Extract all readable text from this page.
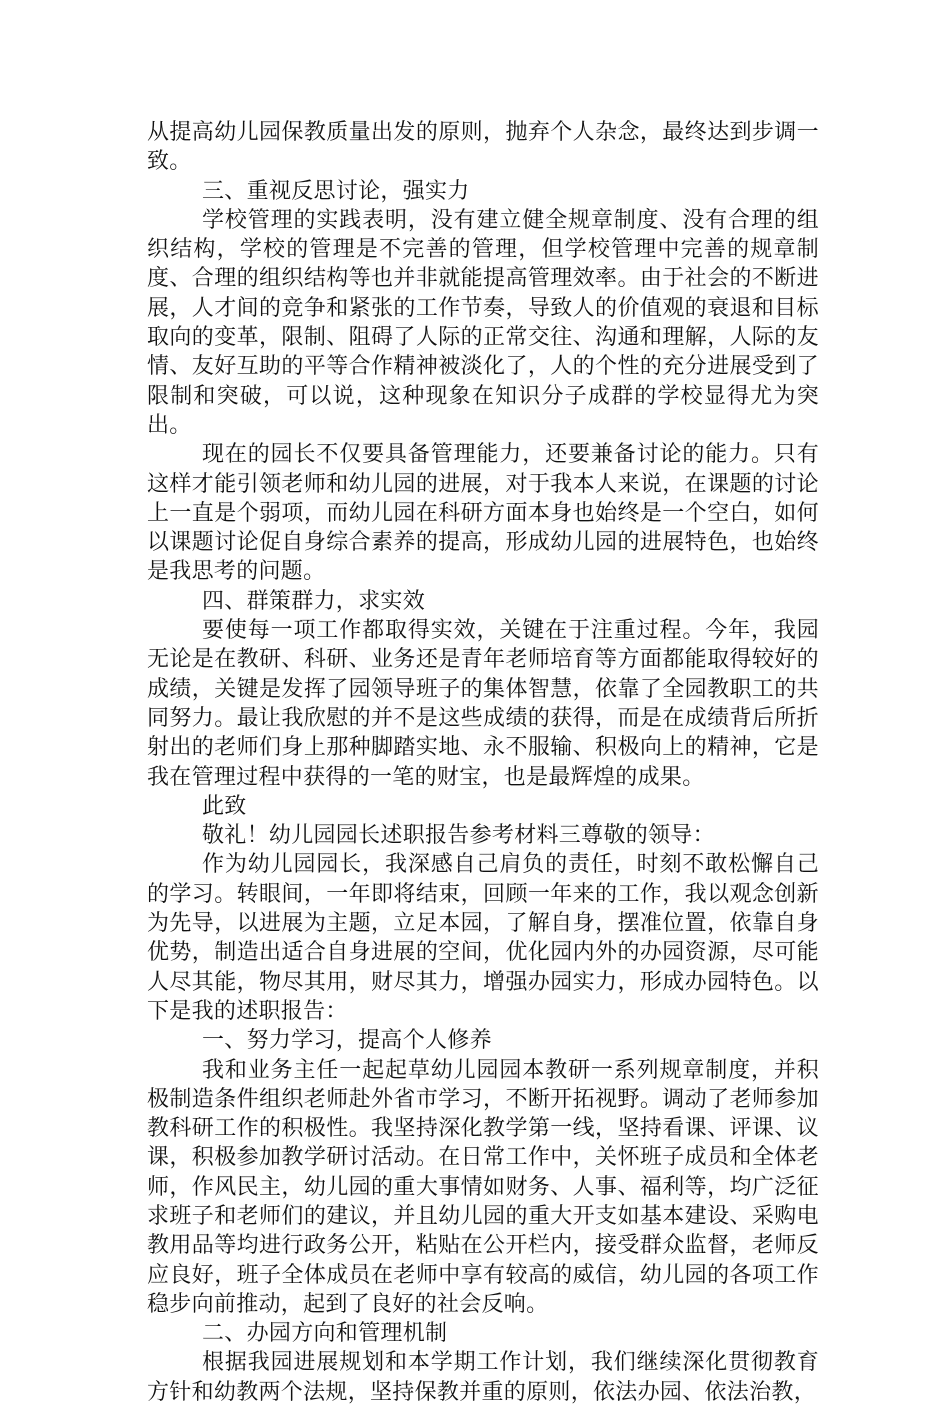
从提高幼儿园保教质量出发的原则，抛弃个人杂念，最终达到步调一致。

三、重视反思讨论，强实力

学校管理的实践表明，没有建立健全规章制度、没有合理的组织结构，学校的管理是不完善的管理，但学校管理中完善的规章制度、合理的组织结构等也并非就能提高管理效率。由于社会的不断进展，人才间的竞争和紧张的工作节奏，导致人的价值观的衰退和目标取向的变革，限制、阻碍了人际的正常交往、沟通和理解，人际的友情、友好互助的平等合作精神被淡化了，人的个性的充分进展受到了限制和突破，可以说，这种现象在知识分子成群的学校显得尤为突出。

现在的园长不仅要具备管理能力，还要兼备讨论的能力。只有这样才能引领老师和幼儿园的进展，对于我本人来说，在课题的讨论上一直是个弱项，而幼儿园在科研方面本身也始终是一个空白，如何以课题讨论促自身综合素养的提高，形成幼儿园的进展特色，也始终是我思考的问题。

四、群策群力，求实效

要使每一项工作都取得实效，关键在于注重过程。今年，我园无论是在教研、科研、业务还是青年老师培育等方面都能取得较好的成绩，关键是发挥了园领导班子的集体智慧，依靠了全园教职工的共同努力。最让我欣慰的并不是这些成绩的获得，而是在成绩背后所折射出的老师们身上那种脚踏实地、永不服输、积极向上的精神，它是我在管理过程中获得的一笔的财宝，也是最辉煌的成果。

此致

敬礼！幼儿园园长述职报告参考材料三尊敬的领导：

作为幼儿园园长，我深感自己肩负的责任，时刻不敢松懈自己的学习。转眼间，一年即将结束，回顾一年来的工作，我以观念创新为先导，以进展为主题，立足本园，了解自身，摆准位置，依靠自身优势，制造出适合自身进展的空间，优化园内外的办园资源，尽可能人尽其能，物尽其用，财尽其力，增强办园实力，形成办园特色。以下是我的述职报告：

一、努力学习，提高个人修养

我和业务主任一起起草幼儿园园本教研一系列规章制度，并积极制造条件组织老师赴外省市学习，不断开拓视野。调动了老师参加教科研工作的积极性。我坚持深化教学第一线，坚持看课、评课、议课，积极参加教学研讨活动。在日常工作中，关怀班子成员和全体老师，作风民主，幼儿园的重大事情如财务、人事、福利等，均广泛征求班子和老师们的建议，并且幼儿园的重大开支如基本建设、采购电教用品等均进行政务公开，粘贴在公开栏内，接受群众监督，老师反应良好，班子全体成员在老师中享有较高的威信，幼儿园的各项工作稳步向前推动，起到了良好的社会反响。

二、办园方向和管理机制

根据我园进展规划和本学期工作计划，我们继续深化贯彻教育方针和幼教两个法规，坚持保教并重的原则，依法办园、依法治教，
